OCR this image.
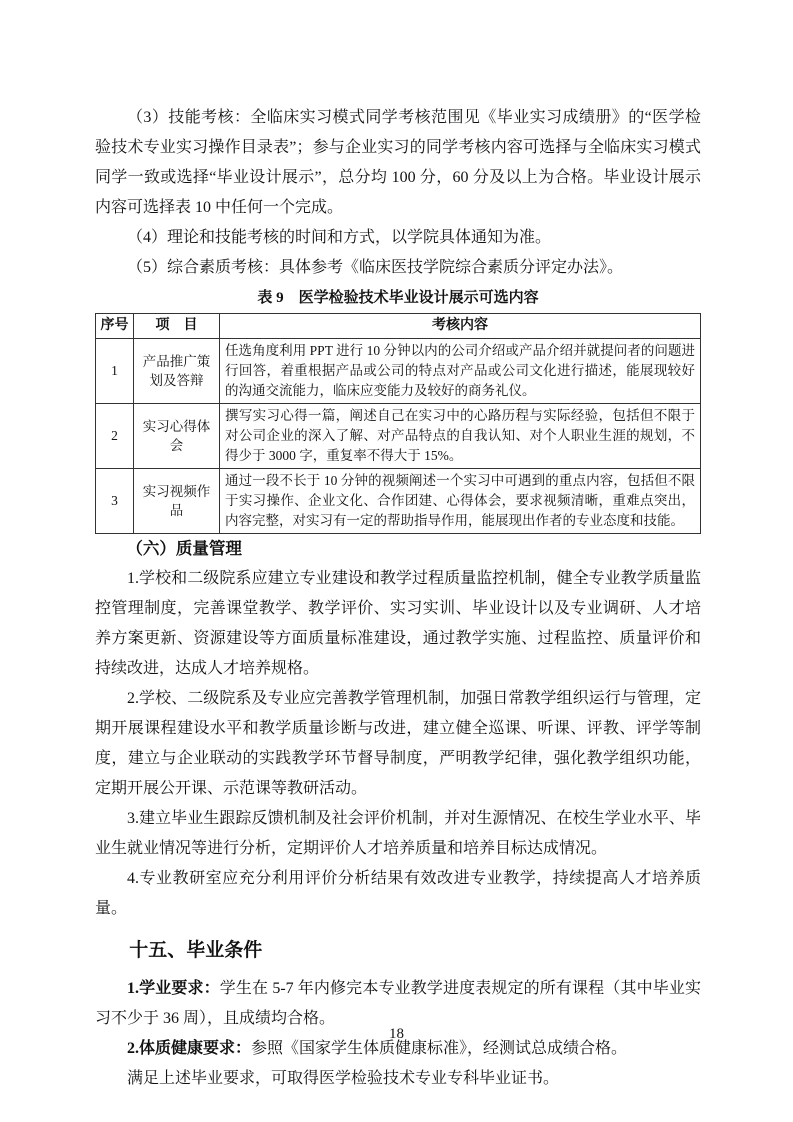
（3）技能考核：全临床实习模式同学考核范围见《毕业实习成绩册》的“医学检验技术专业实习操作目录表”；参与企业实习的同学考核内容可选择与全临床实习模式同学一致或选择“毕业设计展示”，总分均 100 分，60 分及以上为合格。毕业设计展示内容可选择表 10 中任何一个完成。

（4）理论和技能考核的时间和方式，以学院具体通知为准。

（5）综合素质考核：具体参考《临床医技学院综合素质分评定办法》。

表 9　医学检验技术毕业设计展示可选内容

序号	项　目	考核内容
1	产品推广策划及答辩	任选角度利用 PPT 进行 10 分钟以内的公司介绍或产品介绍并就提问者的问题进行回答，着重根据产品或公司的特点对产品或公司文化进行描述，能展现较好的沟通交流能力，临床应变能力及较好的商务礼仪。
2	实习心得体会	撰写实习心得一篇，阐述自己在实习中的心路历程与实际经验，包括但不限于对公司企业的深入了解、对产品特点的自我认知、对个人职业生涯的规划，不得少于 3000 字，重复率不得大于 15%。
3	实习视频作品	通过一段不长于 10 分钟的视频阐述一个实习中可遇到的重点内容，包括但不限于实习操作、企业文化、合作团建、心得体会，要求视频清晰，重难点突出，内容完整，对实习有一定的帮助指导作用，能展现出作者的专业态度和技能。

（六）质量管理

1.学校和二级院系应建立专业建设和教学过程质量监控机制，健全专业教学质量监控管理制度，完善课堂教学、教学评价、实习实训、毕业设计以及专业调研、人才培养方案更新、资源建设等方面质量标准建设，通过教学实施、过程监控、质量评价和持续改进，达成人才培养规格。

2.学校、二级院系及专业应完善教学管理机制，加强日常教学组织运行与管理，定期开展课程建设水平和教学质量诊断与改进，建立健全巡课、听课、评教、评学等制度，建立与企业联动的实践教学环节督导制度，严明教学纪律，强化教学组织功能，定期开展公开课、示范课等教研活动。

3.建立毕业生跟踪反馈机制及社会评价机制，并对生源情况、在校生学业水平、毕业生就业情况等进行分析，定期评价人才培养质量和培养目标达成情况。

4.专业教研室应充分利用评价分析结果有效改进专业教学，持续提高人才培养质量。

十五、毕业条件

1.学业要求：学生在 5-7 年内修完本专业教学进度表规定的所有课程（其中毕业实习不少于 36 周），且成绩均合格。

2.体质健康要求：参照《国家学生体质健康标准》，经测试总成绩合格。

满足上述毕业要求，可取得医学检验技术专业专科毕业证书。

18
